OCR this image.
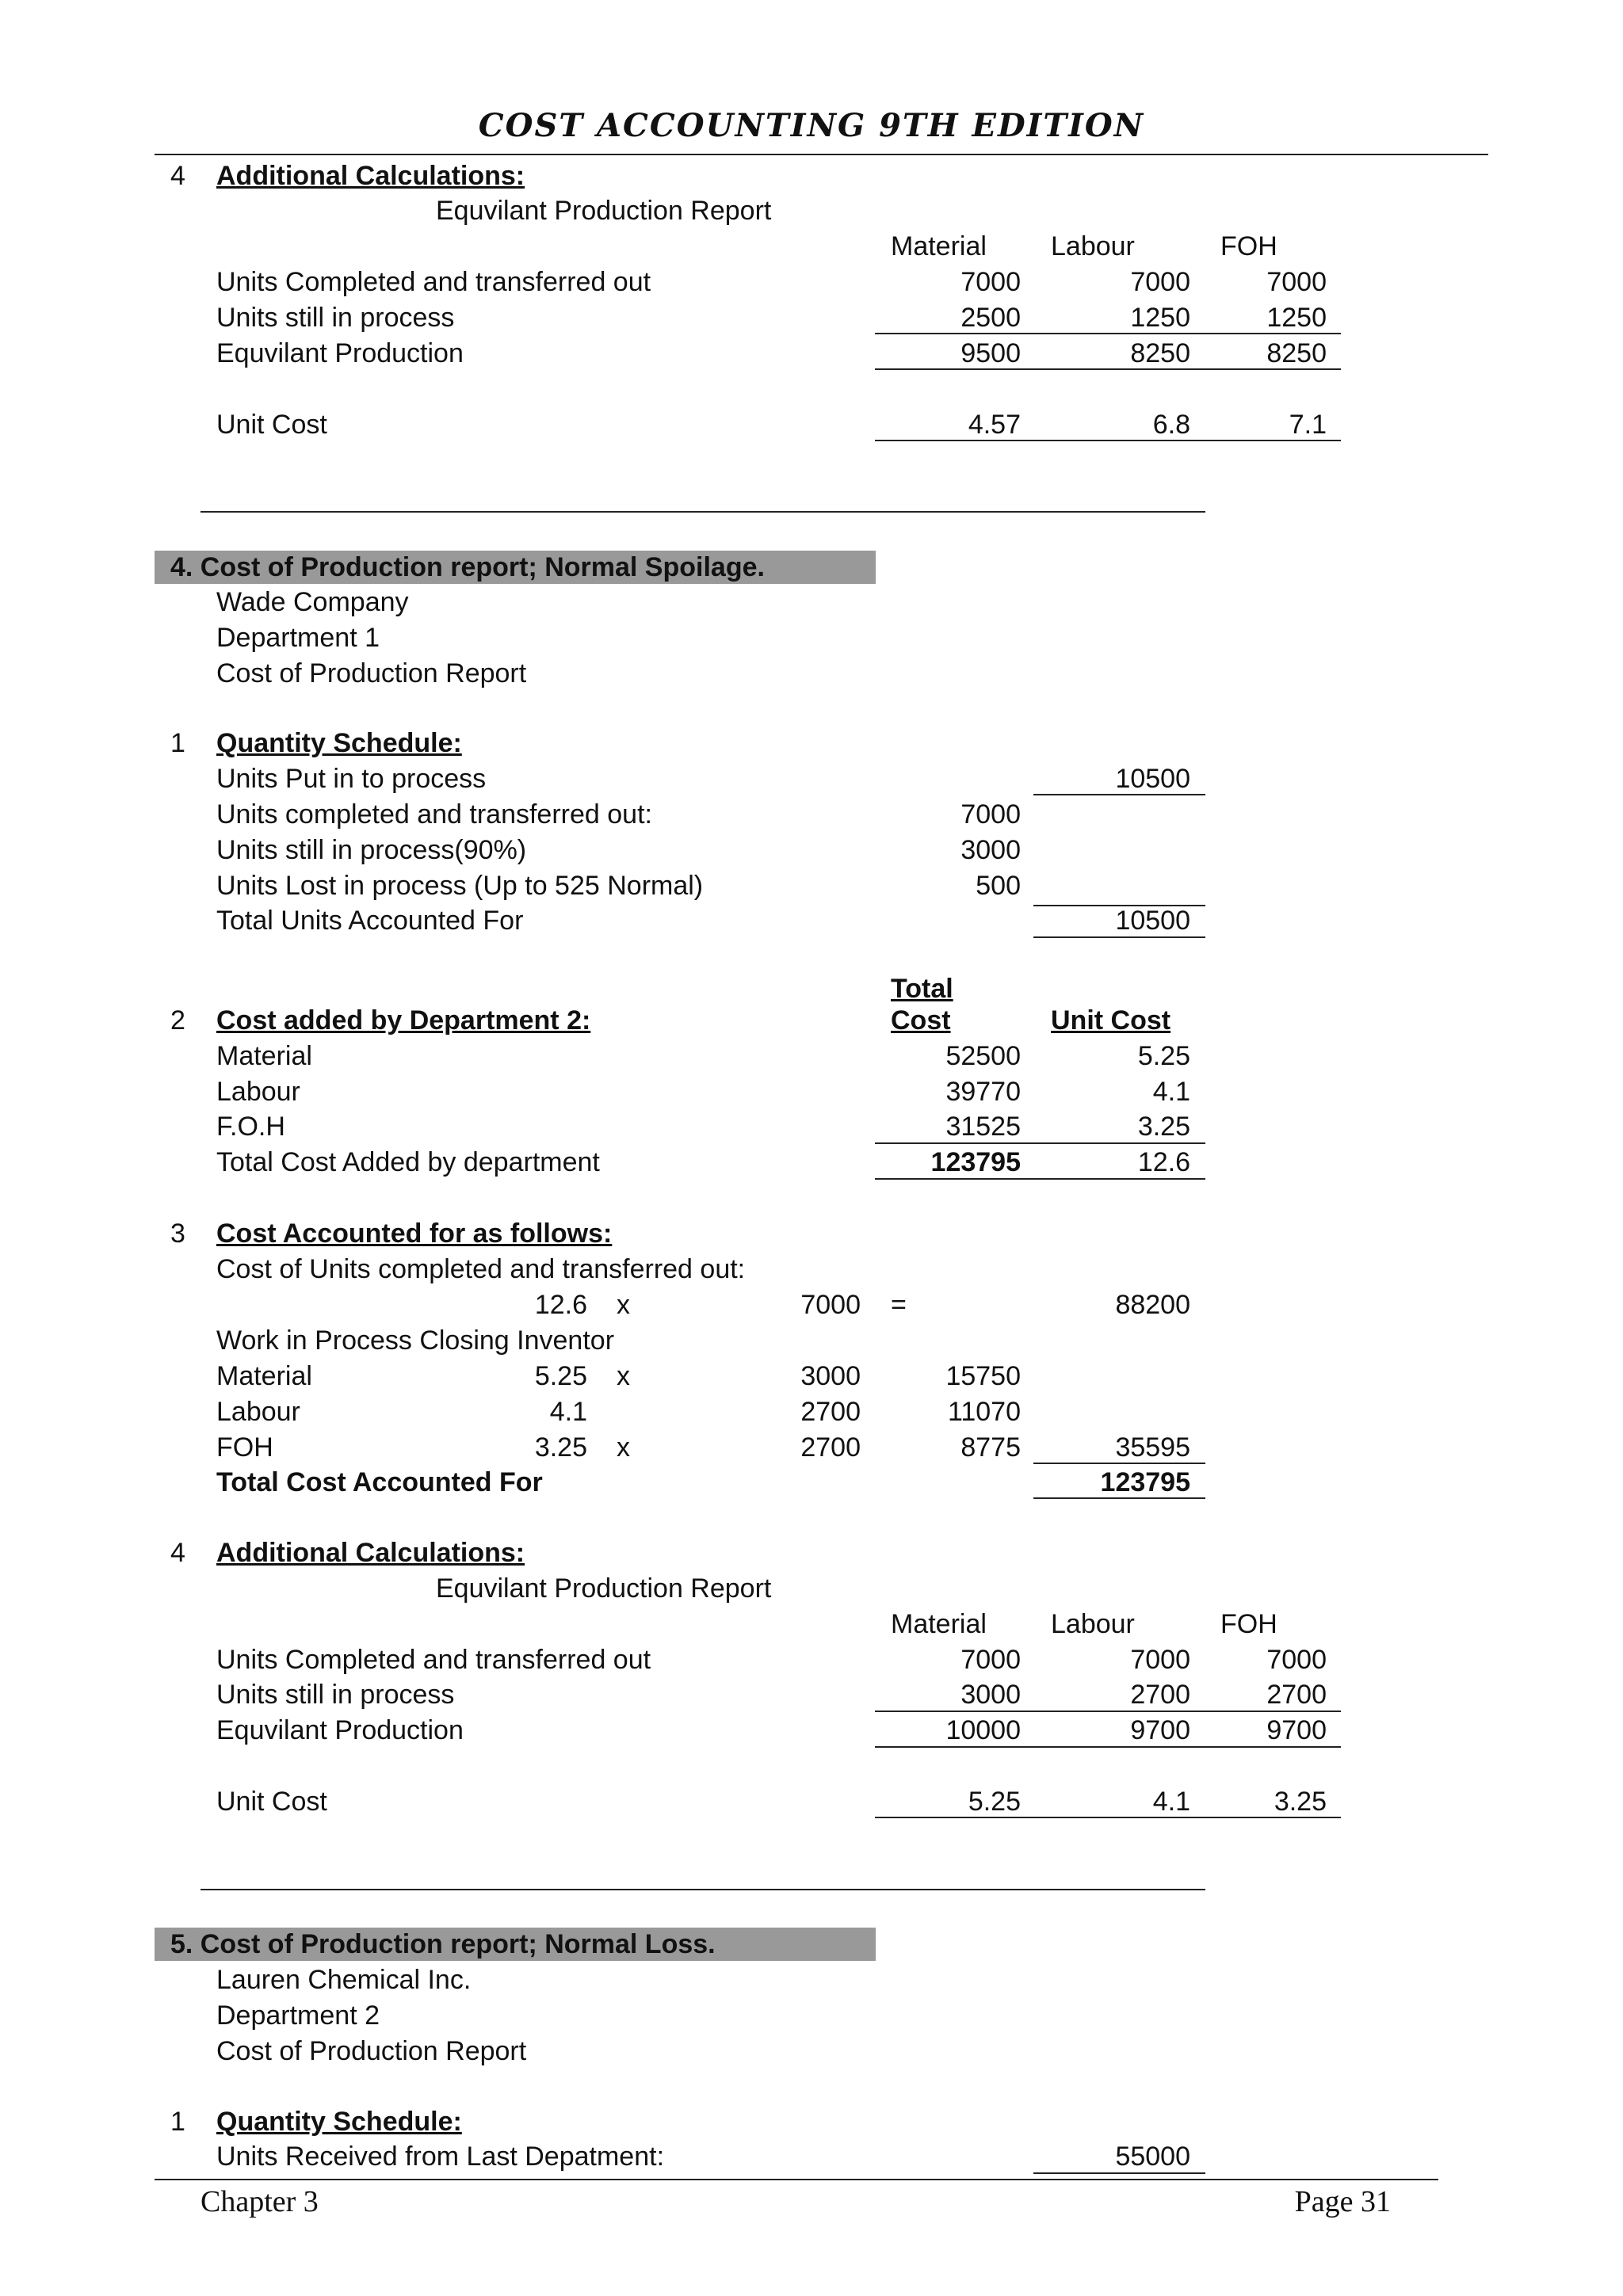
COST ACCOUNTING 9TH EDITION
4 Additional Calculations:
Equvilant Production Report
Material Labour	FOH
Units Completed and transferred out	7000	7000	7000
Units still in process	2500	1250	1250
Equvilant Production	9500	8250	8250
Unit Cost	4.57	6.8	7.1
4. Cost of Production report; Normal Spoilage.
Wade Company
Department 1
Cost of Production Report
1 Quantity Schedule:
Units Put in to process	10500
Units completed and transferred out:	7000
Units still in process(90%)	3000
Units Lost in process (Up to 525 Normal)	500
Total Units Accounted For	10500
Total
2 Cost added by Department 2:	Cost	Unit Cost
Material	52500	5.25
Labour	39770	4.1
F.O.H	31525	3.25
Total Cost Added by department	123795	12.6
3 Cost Accounted for as follows:
Cost of Units completed and transferred out:
12.6 x	7000 =	88200
Work in Process Closing Inventor
Material	5.25 x	3000	15750
Labour	4.1	2700	11070
FOH	3.25 x	2700	8775	35595
Total Cost Accounted For	123795
4 Additional Calculations:
Equvilant Production Report
Material Labour	FOH
Units Completed and transferred out	7000	7000	7000
Units still in process	3000	2700	2700
Equvilant Production	10000	9700	9700
Unit Cost	5.25	4.1	3.25
5. Cost of Production report; Normal Loss.
Lauren Chemical Inc.
Department 2
Cost of Production Report
1 Quantity Schedule:
Units Received from Last Depatment:	55000
Chapter 3	Page 31
